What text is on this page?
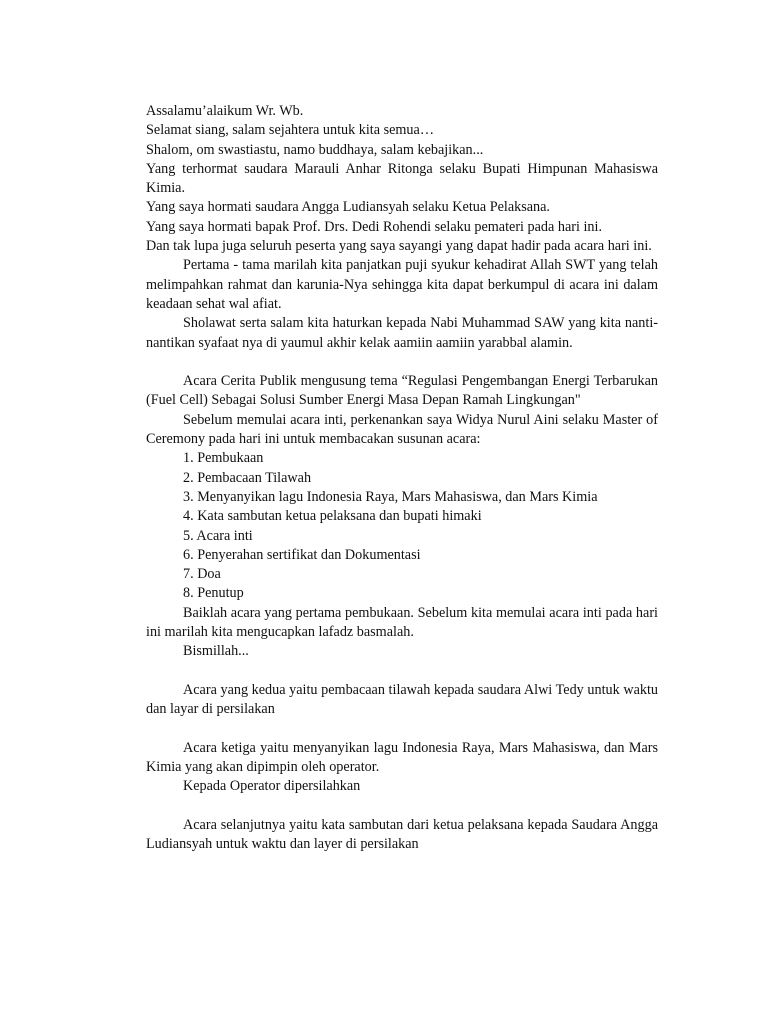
Assalamu’alaikum Wr. Wb.

Selamat siang, salam sejahtera untuk kita semua…

Shalom, om swastiastu, namo buddhaya, salam kebajikan...

Yang terhormat saudara Marauli Anhar Ritonga selaku Bupati Himpunan Mahasiswa Kimia.

Yang saya hormati saudara Angga Ludiansyah selaku Ketua Pelaksana.

Yang saya hormati bapak Prof. Drs. Dedi Rohendi selaku pemateri pada hari ini.

Dan tak lupa juga seluruh peserta yang saya sayangi yang dapat hadir pada acara hari ini.

Pertama - tama marilah kita panjatkan puji syukur kehadirat Allah SWT yang telah melimpahkan rahmat dan karunia-Nya sehingga kita dapat berkumpul di acara ini dalam keadaan sehat wal afiat.

Sholawat serta salam kita haturkan kepada Nabi Muhammad SAW yang kita nanti-nantikan syafaat nya di yaumul akhir kelak aamiin aamiin yarabbal alamin.

Acara Cerita Publik mengusung tema “Regulasi Pengembangan Energi Terbarukan (Fuel Cell) Sebagai Solusi Sumber Energi Masa Depan Ramah Lingkungan"

Sebelum memulai acara inti, perkenankan saya Widya Nurul Aini selaku Master of Ceremony pada hari ini untuk membacakan susunan acara:

1. Pembukaan

2. Pembacaan Tilawah

3. Menyanyikan lagu Indonesia Raya, Mars Mahasiswa, dan Mars Kimia

4. Kata sambutan ketua pelaksana dan bupati himaki

5. Acara inti

6. Penyerahan sertifikat dan Dokumentasi

7. Doa

8. Penutup

Baiklah acara yang pertama pembukaan. Sebelum kita memulai acara inti pada hari ini marilah kita mengucapkan lafadz basmalah.

Bismillah...

Acara yang kedua yaitu pembacaan tilawah kepada saudara Alwi Tedy untuk waktu dan layar di persilakan

Acara ketiga yaitu menyanyikan lagu Indonesia Raya, Mars Mahasiswa, dan Mars Kimia yang akan dipimpin oleh operator.

Kepada Operator dipersilahkan

Acara selanjutnya yaitu kata sambutan dari ketua pelaksana kepada Saudara Angga Ludiansyah untuk waktu dan layer di persilakan
